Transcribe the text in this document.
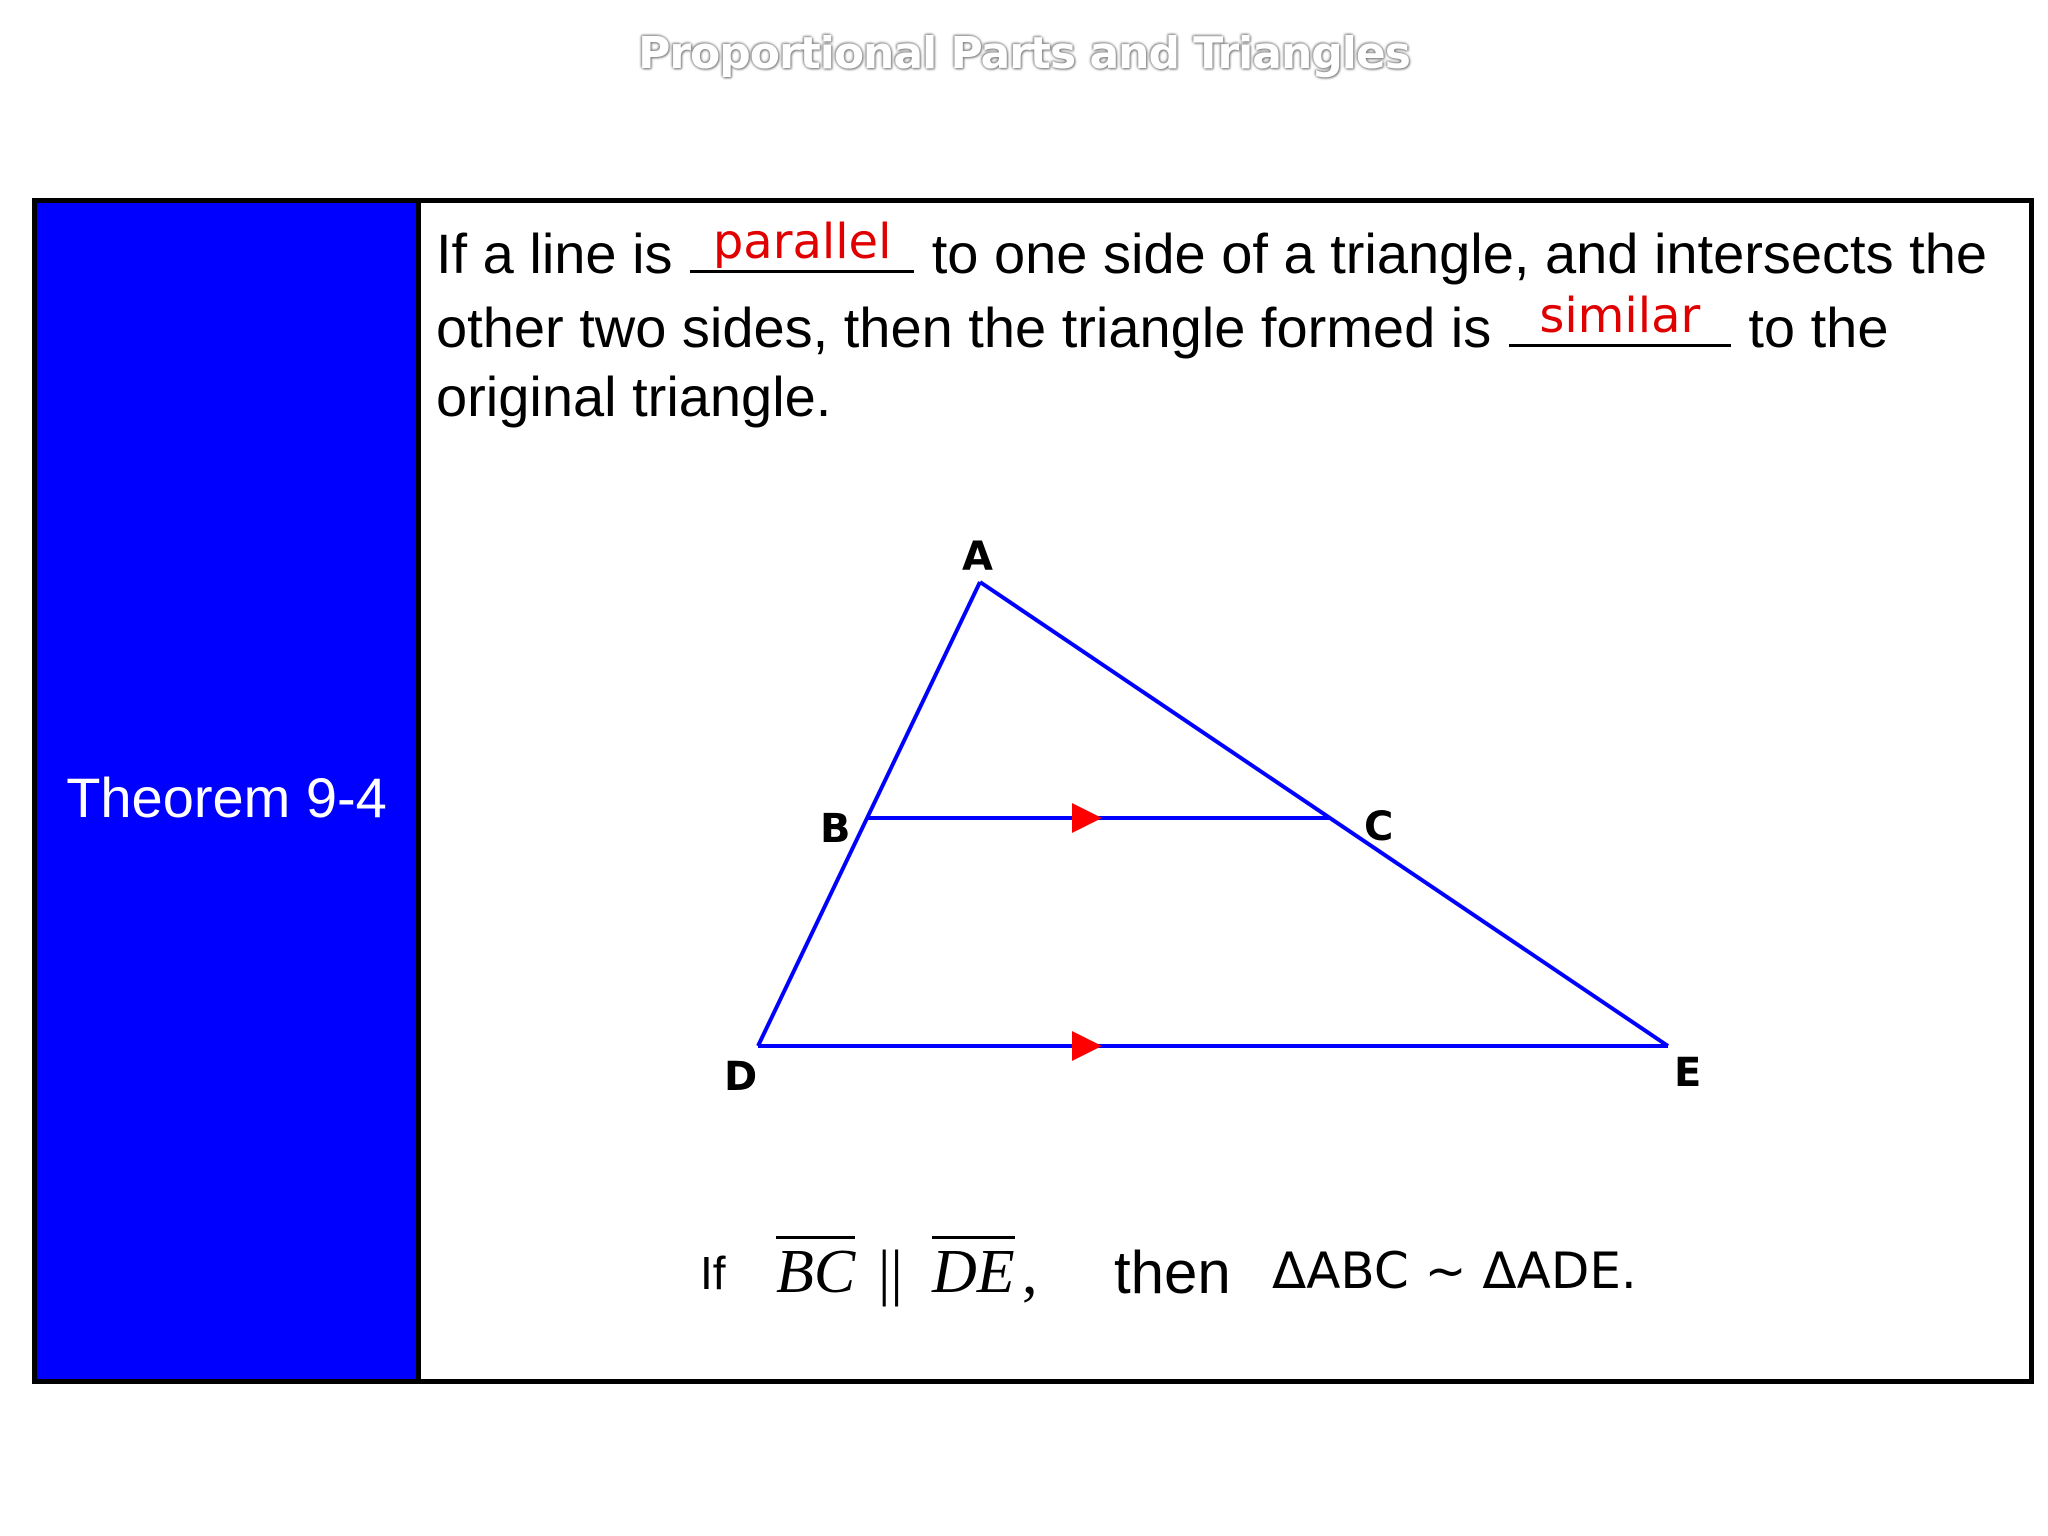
Proportional Parts and Triangles
Theorem 9-4
If a line is parallel to one side of a triangle, and intersects the other two sides, then the triangle formed is	similar to the original triangle.
A
B	C
D	E
If BC || DE , then ΔABC ~ ΔADE.
